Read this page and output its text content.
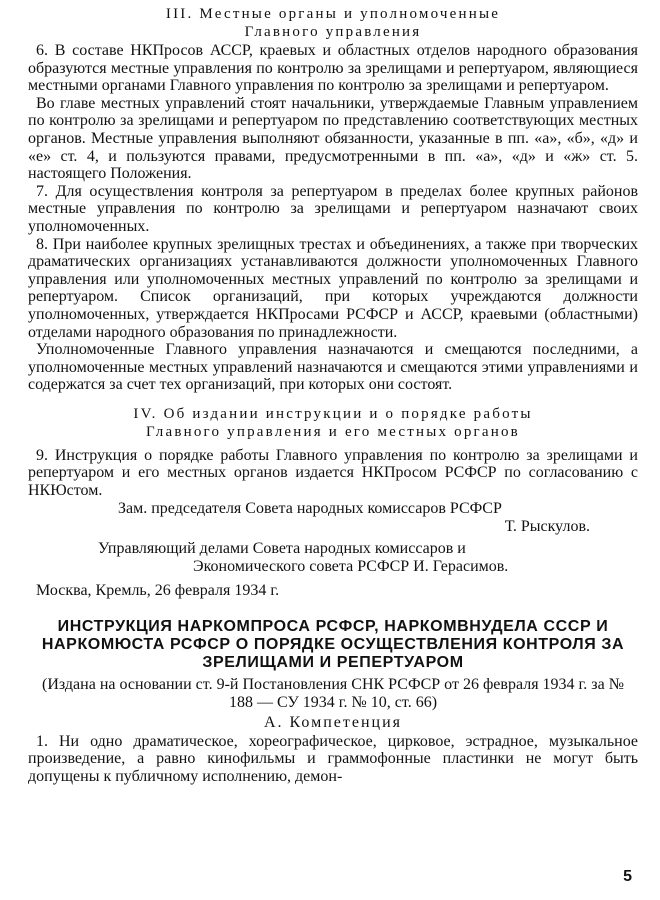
III. Местные органы и уполномоченные
Главного управления

6. В составе НКПросов АССР, краевых и областных отделов народного образования образуются местные управления по контролю за зрелищами и репертуаром, являющиеся местными органами Главного управления по контролю за зрелищами и репертуаром.

Во главе местных управлений стоят начальники, утверждаемые Главным управлением по контролю за зрелищами и репертуаром по представлению соответствующих местных органов. Местные управления выполняют обязанности, указанные в пп. «а», «б», «д» и «е» ст. 4, и пользуются правами, предусмотренными в пп. «а», «д» и «ж» ст. 5. настоящего Положения.

7. Для осуществления контроля за репертуаром в пределах более крупных районов местные управления по контролю за зрелищами и репертуаром назначают своих уполномоченных.

8. При наиболее крупных зрелищных трестах и объединениях, а также при творческих драматических организациях устанавливаются должности уполномоченных Главного управления или уполномоченных местных управлений по контролю за зрелищами и репертуаром. Список организаций, при которых учреждаются должности уполномоченных, утверждается НКПросами РСФСР и АССР, краевыми (областными) отделами народного образования по принадлежности.

Уполномоченные Главного управления назначаются и смещаются последними, а уполномоченные местных управлений назначаются и смещаются этими управлениями и содержатся за счет тех организаций, при которых они состоят.

IV. Об издании инструкции и о порядке работы
Главного управления и его местных органов

9. Инструкция о порядке работы Главного управления по контролю за зрелищами и репертуаром и его местных органов издается НКПросом РСФСР по согласованию с НКЮстом.

Зам. председателя Совета народных комиссаров РСФСР
Т. Рыскулов.
Управляющий делами Совета народных комиссаров и
Экономического совета РСФСР И. Герасимов.
Москва, Кремль, 26 февраля 1934 г.
ИНСТРУКЦИЯ НАРКОМПРОСА РСФСР, НАРКОМВНУДЕЛА СССР И НАРКОМЮСТА РСФСР О ПОРЯДКЕ ОСУЩЕСТВЛЕНИЯ КОНТРОЛЯ ЗА ЗРЕЛИЩАМИ И РЕПЕРТУАРОМ
(Издана на основании ст. 9-й Постановления СНК РСФСР от 26 февраля 1934 г. за № 188 — СУ 1934 г. № 10, ст. 66)
А. Компетенция

1. Ни одно драматическое, хореографическое, цирковое, эстрадное, музыкальное произведение, а равно кинофильмы и граммофонные пластинки не могут быть допущены к публичному исполнению, демон-

5
